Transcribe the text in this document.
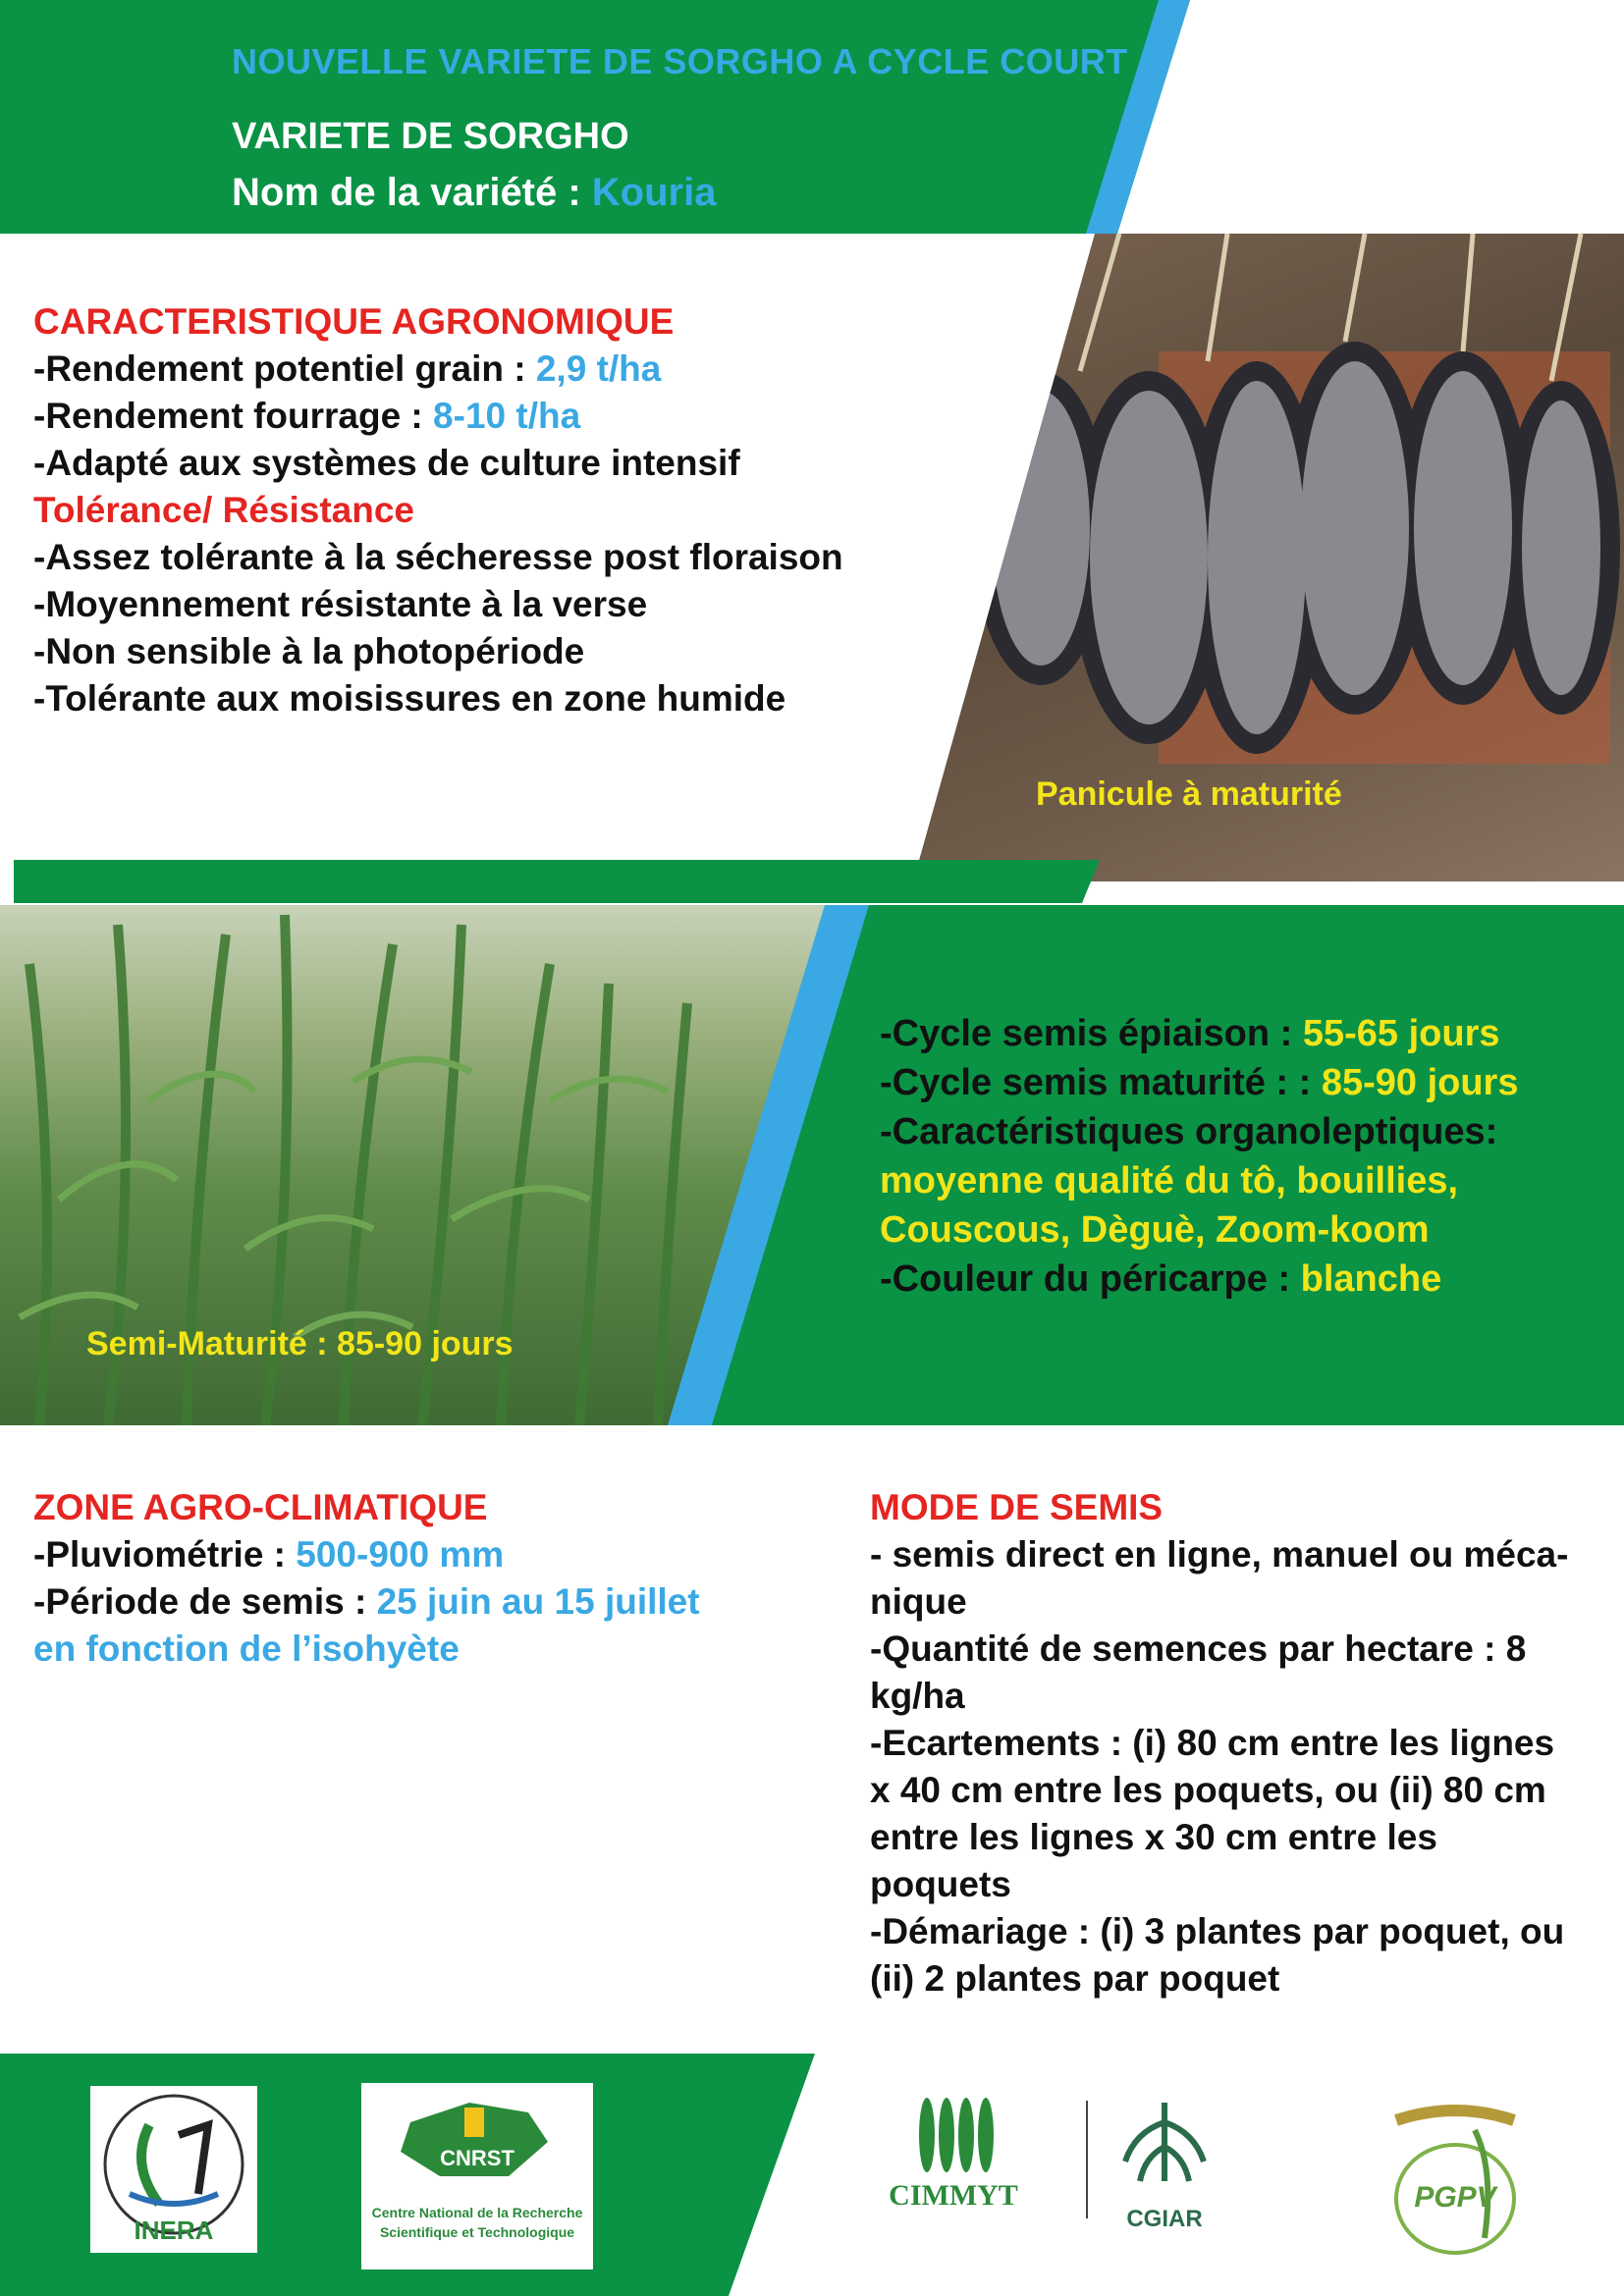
NOUVELLE VARIETE DE SORGHO A CYCLE COURT
VARIETE DE SORGHO
Nom de la variété : Kouria
Panicule à maturité
CARACTERISTIQUE AGRONOMIQUE
-Rendement potentiel grain : 2,9 t/ha
-Rendement fourrage : 8-10 t/ha
-Adapté aux systèmes de culture intensif
Tolérance/ Résistance
-Assez tolérante à la sécheresse post floraison
-Moyennement résistante à la verse
-Non sensible à la photopériode
-Tolérante aux moisissures en zone humide
Semi-Maturité : 85-90 jours
-Cycle semis épiaison : 55-65 jours
-Cycle semis maturité : : 85-90 jours
-Caractéristiques organoleptiques:
moyenne qualité du tô, bouillies,
Couscous, Dèguè, Zoom-koom
-Couleur du péricarpe : blanche
ZONE AGRO-CLIMATIQUE
-Pluviométrie : 500-900 mm
-Période de semis : 25 juin au 15 juillet
en fonction de l’isohyète
MODE DE SEMIS
- semis direct en ligne, manuel ou méca-
nique
-Quantité de semences par hectare : 8
kg/ha
-Ecartements : (i) 80 cm entre les lignes
x 40 cm entre les poquets, ou (ii) 80 cm
entre les lignes x 30 cm entre les
poquets
-Démariage : (i) 3 plantes par poquet, ou
(ii) 2 plantes par poquet
INERA
CNRST
Centre National de la Recherche
Scientifique et Technologique
CIMMYT
CGIAR
PGPV
